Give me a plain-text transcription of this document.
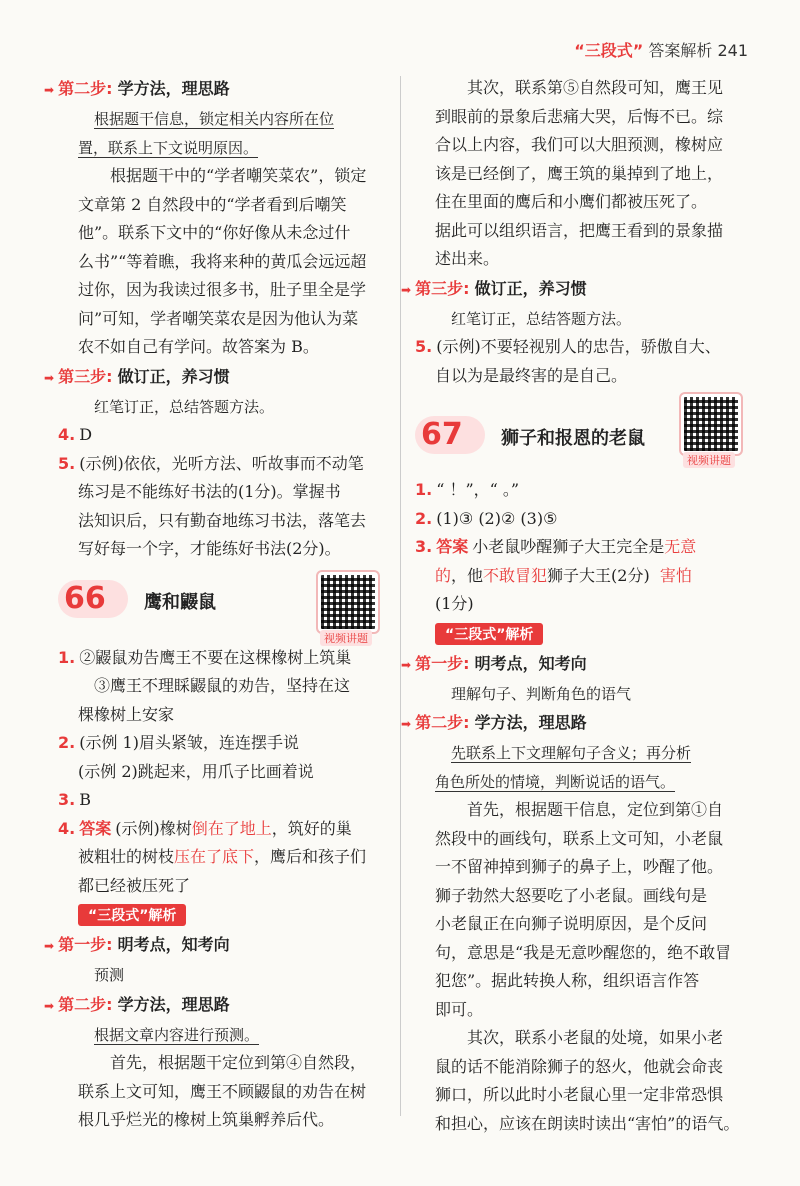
“三段式” 答案解析 241
➡ 第二步: 学方法，理思路

根据题干信息，锁定相关内容所在位

置，联系上下文说明原因。

根据题干中的“学者嘲笑菜农”，锁定

文章第 2 自然段中的“学者看到后嘲笑

他”。联系下文中的“你好像从未念过什

么书”“等着瞧，我将来种的黄瓜会远远超

过你，因为我读过很多书，肚子里全是学

问”可知，学者嘲笑菜农是因为他认为菜

农不如自己有学问。故答案为 B。

➡ 第三步: 做订正，养习惯

红笔订正，总结答题方法。

4. D

5. (示例)依依，光听方法、听故事而不动笔

练习是不能练好书法的(1分)。掌握书

法知识后，只有勤奋地练习书法，落笔去

写好每一个字，才能练好书法(2分)。

66 鹰和鼹鼠
视频讲题

1. ②鼹鼠劝告鹰王不要在这棵橡树上筑巢

③鹰王不理睬鼹鼠的劝告，坚持在这

棵橡树上安家

2. (示例 1)眉头紧皱，连连摆手说

(示例 2)跳起来，用爪子比画着说

3. B

4. 答案 (示例)橡树倒在了地上，筑好的巢

被粗壮的树枝压在了底下，鹰后和孩子们

都已经被压死了

“三段式”解析
➡ 第一步: 明考点，知考向

预测

➡ 第二步: 学方法，理思路

根据文章内容进行预测。

首先，根据题干定位到第④自然段，

联系上文可知，鹰王不顾鼹鼠的劝告在树

根几乎烂光的橡树上筑巢孵养后代。

其次，联系第⑤自然段可知，鹰王见

到眼前的景象后悲痛大哭，后悔不已。综

合以上内容，我们可以大胆预测，橡树应

该是已经倒了，鹰王筑的巢掉到了地上，

住在里面的鹰后和小鹰们都被压死了。

据此可以组织语言，把鹰王看到的景象描

述出来。

➡ 第三步: 做订正，养习惯

红笔订正，总结答题方法。

5. (示例)不要轻视别人的忠告，骄傲自大、

自以为是最终害的是自己。

67 狮子和报恩的老鼠
视频讲题

1. “ ！”，“ 。”

2. (1)③ (2)② (3)⑤

3. 答案 小老鼠吵醒狮子大王完全是无意

的，他不敢冒犯狮子大王(2分) 害怕

(1分)

“三段式”解析
➡ 第一步: 明考点，知考向

理解句子、判断角色的语气

➡ 第二步: 学方法，理思路

先联系上下文理解句子含义；再分析

角色所处的情境，判断说话的语气。

首先，根据题干信息，定位到第①自

然段中的画线句，联系上文可知，小老鼠

一不留神掉到狮子的鼻子上，吵醒了他。

狮子勃然大怒要吃了小老鼠。画线句是

小老鼠正在向狮子说明原因，是个反问

句，意思是“我是无意吵醒您的，绝不敢冒

犯您”。据此转换人称，组织语言作答

即可。

其次，联系小老鼠的处境，如果小老

鼠的话不能消除狮子的怒火，他就会命丧

狮口，所以此时小老鼠心里一定非常恐惧

和担心，应该在朗读时读出“害怕”的语气。
